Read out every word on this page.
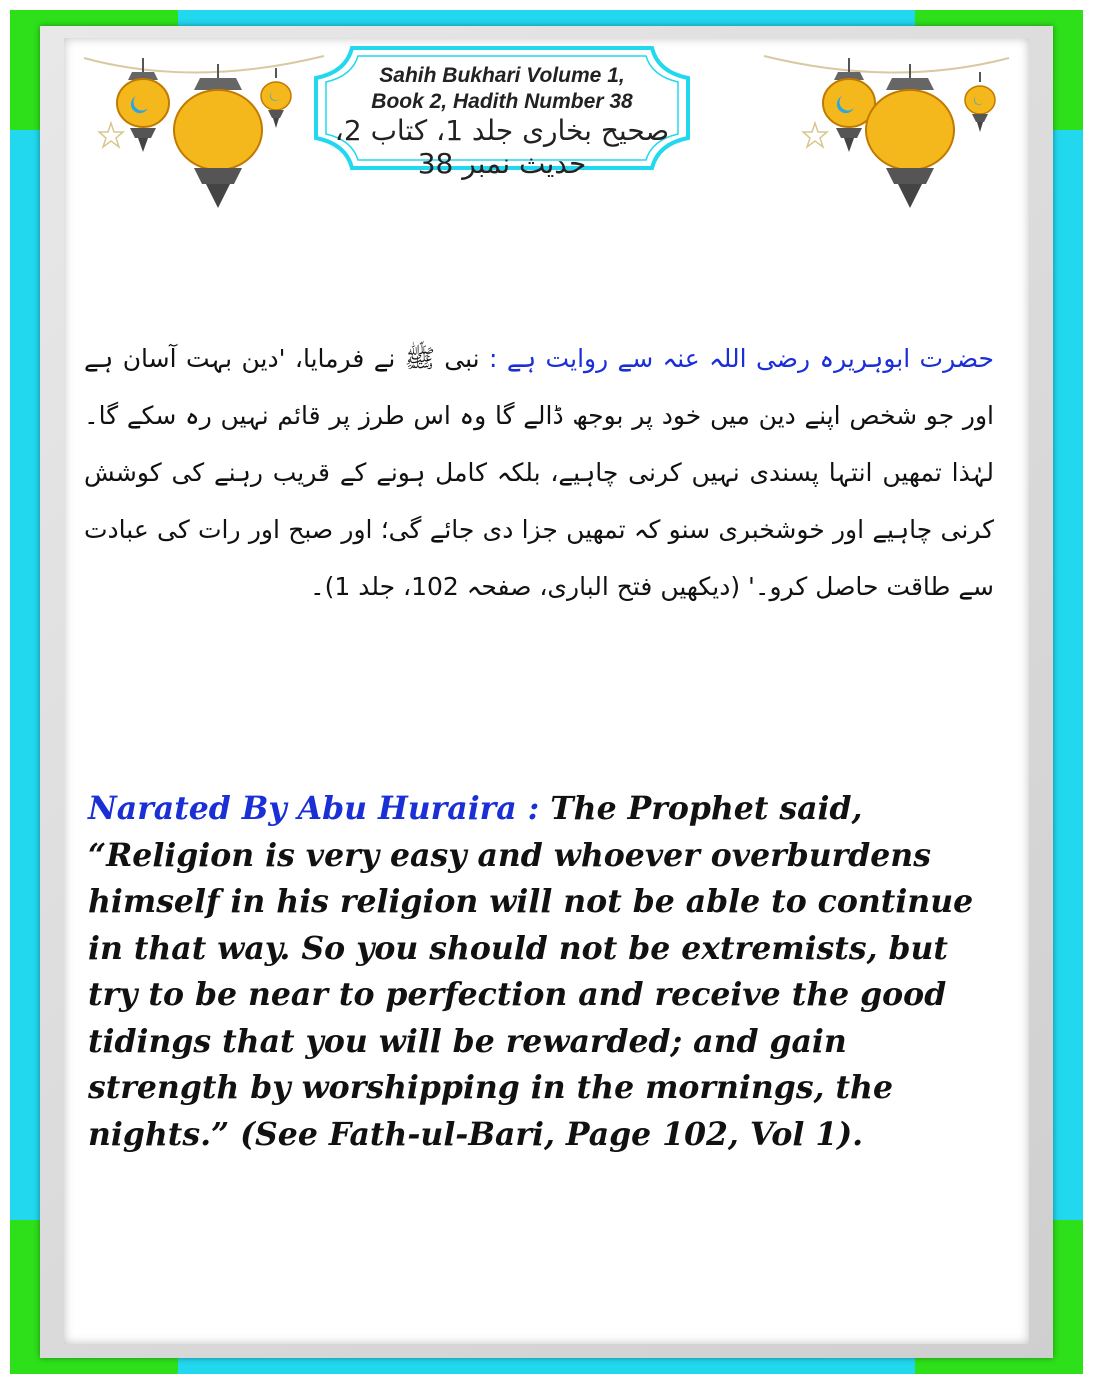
Sahih Bukhari Volume 1,
Book 2, Hadith Number 38
صحیح بخاری جلد 1، کتاب 2، حدیث نمبر 38
حضرت ابوہریرہ رضی اللہ عنہ سے روایت ہے : نبی ﷺ نے فرمایا، 'دین بہت آسان ہے اور جو شخص اپنے دین میں خود پر بوجھ ڈالے گا وہ اس طرز پر قائم نہیں رہ سکے گا۔ لہٰذا تمھیں انتہا پسندی نہیں کرنی چاہیے، بلکہ کامل ہونے کے قریب رہنے کی کوشش کرنی چاہیے اور خوشخبری سنو کہ تمھیں جزا دی جائے گی؛ اور صبح اور رات کی عبادت سے طاقت حاصل کرو۔' (دیکھیں فتح الباری، صفحہ 102، جلد 1)۔
Narated By Abu Huraira : The Prophet said, “Religion is very easy and whoever overburdens himself in his religion will not be able to continue in that way. So you should not be extremists, but try to be near to perfection and receive the good tidings that you will be rewarded; and gain strength by worshipping in the mornings, the nights.” (See Fath-ul-Bari, Page 102, Vol 1).
